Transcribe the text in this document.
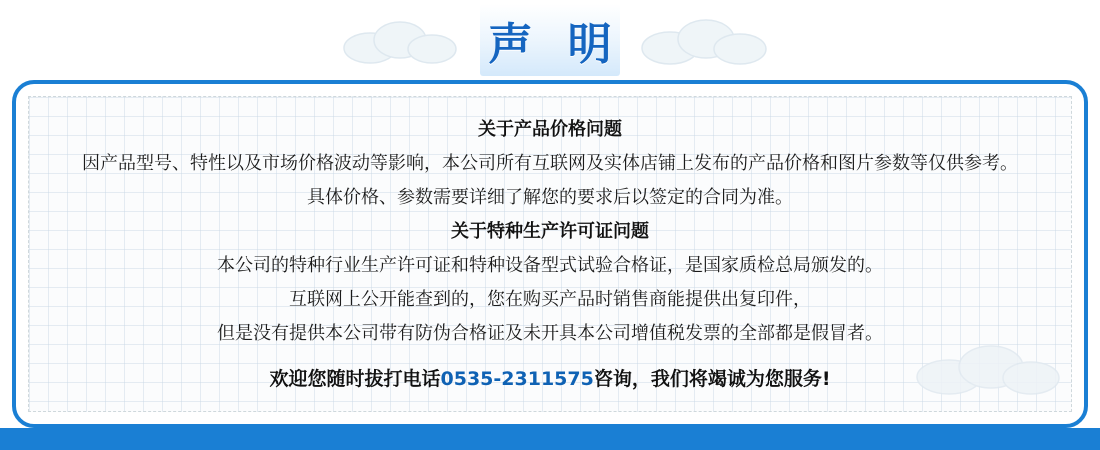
声 明
关于产品价格问题
因产品型号、特性以及市场价格波动等影响，本公司所有互联网及实体店铺上发布的产品价格和图片参数等仅供参考。
具体价格、参数需要详细了解您的要求后以签定的合同为准。
关于特种生产许可证问题
本公司的特种行业生产许可证和特种设备型式试验合格证，是国家质检总局颁发的。
互联网上公开能查到的，您在购买产品时销售商能提供出复印件，
但是没有提供本公司带有防伪合格证及未开具本公司增值税发票的全部都是假冒者。
欢迎您随时拔打电话0535-2311575咨询，我们将竭诚为您服务!
